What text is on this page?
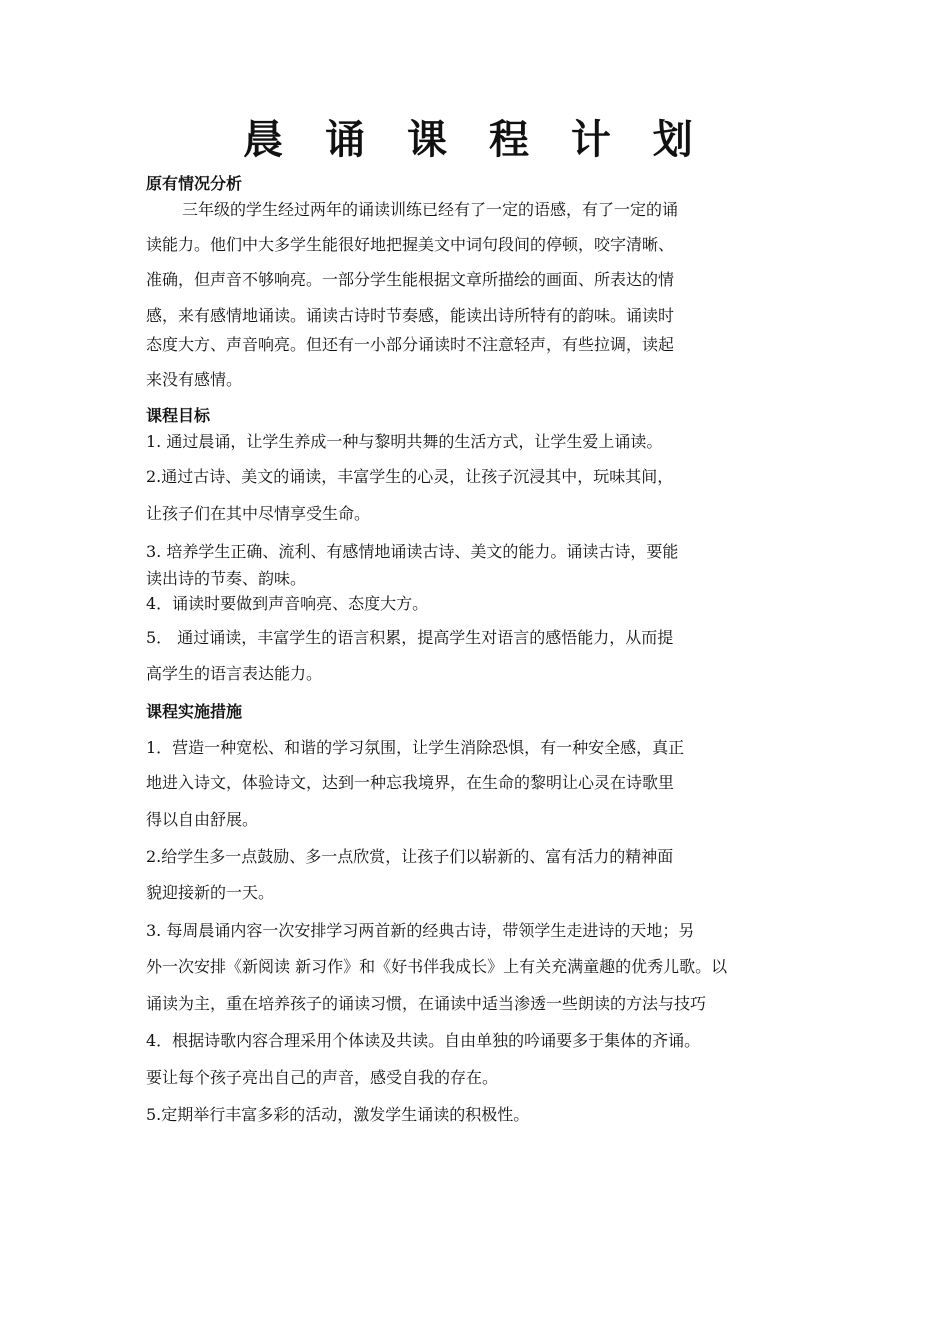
晨 诵 课 程 计 划
原有情况分析
三年级的学生经过两年的诵读训练已经有了一定的语感，有了一定的诵
读能力。他们中大多学生能很好地把握美文中词句段间的停顿，咬字清晰、
准确，但声音不够响亮。一部分学生能根据文章所描绘的画面、所表达的情
感，来有感情地诵读。诵读古诗时节奏感，能读出诗所特有的韵味。诵读时
态度大方、声音响亮。但还有一小部分诵读时不注意轻声，有些拉调，读起
来没有感情。
课程目标
1. 通过晨诵，让学生养成一种与黎明共舞的生活方式，让学生爱上诵读。
2.通过古诗、美文的诵读，丰富学生的心灵，让孩子沉浸其中，玩味其间，
让孩子们在其中尽情享受生命。
3. 培养学生正确、流利、有感情地诵读古诗、美文的能力。诵读古诗，要能
读出诗的节奏、韵味。
4．诵读时要做到声音响亮、态度大方。
5． 通过诵读，丰富学生的语言积累，提高学生对语言的感悟能力，从而提
高学生的语言表达能力。
课程实施措施
1．营造一种宽松、和谐的学习氛围，让学生消除恐惧，有一种安全感，真正
地进入诗文，体验诗文，达到一种忘我境界，在生命的黎明让心灵在诗歌里
得以自由舒展。
2.给学生多一点鼓励、多一点欣赏，让孩子们以崭新的、富有活力的精神面
貌迎接新的一天。
3. 每周晨诵内容一次安排学习两首新的经典古诗，带领学生走进诗的天地；另
外一次安排《新阅读 新习作》和《好书伴我成长》上有关充满童趣的优秀儿歌。以
诵读为主，重在培养孩子的诵读习惯，在诵读中适当渗透一些朗读的方法与技巧
4．根据诗歌内容合理采用个体读及共读。自由单独的吟诵要多于集体的齐诵。
要让每个孩子亮出自己的声音，感受自我的存在。
5.定期举行丰富多彩的活动，激发学生诵读的积极性。
